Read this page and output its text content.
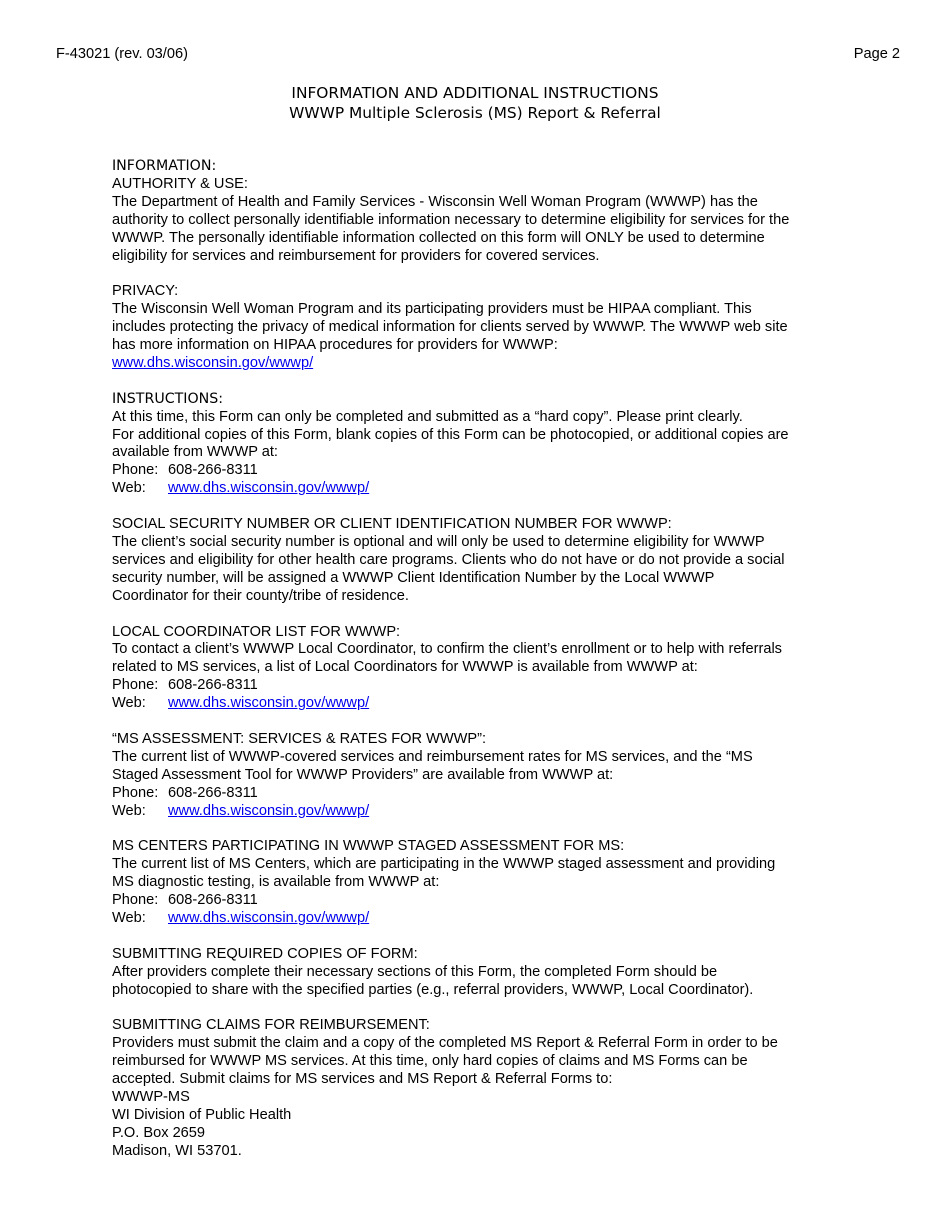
F-43021 (rev. 03/06)	Page 2
INFORMATION AND ADDITIONAL INSTRUCTIONS
WWWP Multiple Sclerosis (MS) Report & Referral

INFORMATION:

AUTHORITY & USE:

The Department of Health and Family Services - Wisconsin Well Woman Program (WWWP) has the

authority to collect personally identifiable information necessary to determine eligibility for services for the

WWWP. The personally identifiable information collected on this form will ONLY be used to determine

eligibility for services and reimbursement for providers for covered services.

PRIVACY:

The Wisconsin Well Woman Program and its participating providers must be HIPAA compliant. This

includes protecting the privacy of medical information for clients served by WWWP. The WWWP web site

has more information on HIPAA procedures for providers for WWWP:

www.dhs.wisconsin.gov/wwwp/

INSTRUCTIONS:

At this time, this Form can only be completed and submitted as a “hard copy”. Please print clearly.

For additional copies of this Form, blank copies of this Form can be photocopied, or additional copies are

available from WWWP at:

Phone: 608-266-8311

Web: www.dhs.wisconsin.gov/wwwp/

SOCIAL SECURITY NUMBER OR CLIENT IDENTIFICATION NUMBER FOR WWWP:

The client’s social security number is optional and will only be used to determine eligibility for WWWP

services and eligibility for other health care programs. Clients who do not have or do not provide a social

security number, will be assigned a WWWP Client Identification Number by the Local WWWP

Coordinator for their county/tribe of residence.

LOCAL COORDINATOR LIST FOR WWWP:

To contact a client’s WWWP Local Coordinator, to confirm the client’s enrollment or to help with referrals

related to MS services, a list of Local Coordinators for WWWP is available from WWWP at:

Phone: 608-266-8311

Web: www.dhs.wisconsin.gov/wwwp/

“MS ASSESSMENT: SERVICES & RATES FOR WWWP”:

The current list of WWWP-covered services and reimbursement rates for MS services, and the “MS

Staged Assessment Tool for WWWP Providers” are available from WWWP at:

Phone: 608-266-8311

Web: www.dhs.wisconsin.gov/wwwp/

MS CENTERS PARTICIPATING IN WWWP STAGED ASSESSMENT FOR MS:

The current list of MS Centers, which are participating in the WWWP staged assessment and providing

MS diagnostic testing, is available from WWWP at:

Phone: 608-266-8311

Web: www.dhs.wisconsin.gov/wwwp/

SUBMITTING REQUIRED COPIES OF FORM:

After providers complete their necessary sections of this Form, the completed Form should be

photocopied to share with the specified parties (e.g., referral providers, WWWP, Local Coordinator).

SUBMITTING CLAIMS FOR REIMBURSEMENT:

Providers must submit the claim and a copy of the completed MS Report & Referral Form in order to be

reimbursed for WWWP MS services. At this time, only hard copies of claims and MS Forms can be

accepted. Submit claims for MS services and MS Report & Referral Forms to:

WWWP-MS

WI Division of Public Health

P.O. Box 2659

Madison, WI 53701.
